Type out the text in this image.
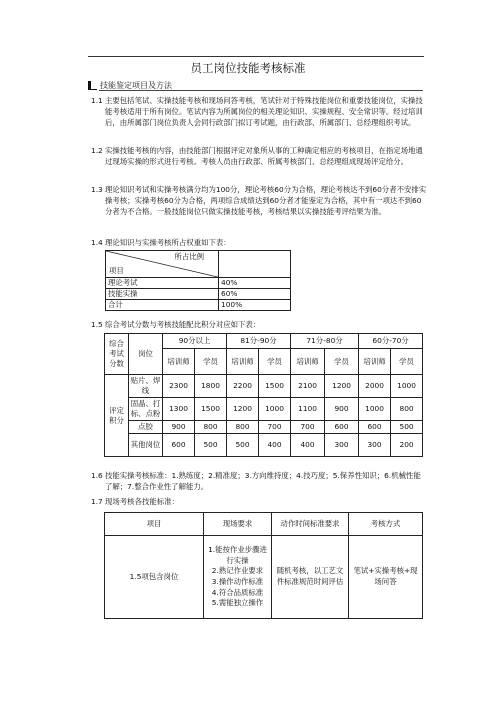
员工岗位技能考核标准
技能鉴定项目及方法
1.1 主要包括笔试、实操技能考核和现场问答考核，笔试针对于特殊技能岗位和重要技能岗位，实操技能考核适用于所有岗位。笔试内容为所属岗位的相关理论知识、实操规程、安全常识等。经过培训后，由所属部门岗位负责人会同行政部门拟订考试题，由行政部、所属部门、总经理组织考试。
1.2 实操技能考核的内容，由技能部门根据评定对象所从事的工种确定相应的考核项目，在指定场地通过现场实操的形式进行考核。考核人员由行政部、所属考核部门、总经理组成现场评定给分。
1.3 理论知识考试和实操考核满分均为100分，理论考核60分为合格，理论考核达不到60分者不安排实操考核；实操考核60分为合格，两项综合成绩达到60分者才能鉴定为合格，其中有一项达不到60分者为不合格。一般技能岗位只做实操技能考核，考核结果以实操技能考评结果为准。
1.4 理论知识与实操考核所占权重如下表：
所占比例
项目	

理论考试	40%
技能实操	60%
合计	100%
1.5 综合考试分数与考核技能配比积分对应如下表：
综合考试分数	岗位	90分以上		81分-90分		71分-80分		60分-70分	
		培训师	学员	培训师	学员	培训师	学员	培训师	学员
评定积分	贴片、焊线	2300	1800	2200	1500	2100	1200	2000	1000
	固晶、打标、点粉	1300	1500	1200	1000	1100	900	1000	800
	点胶	900	800	800	700	700	600	600	500
	其他岗位	600	500	500	400	400	300	300	200
1.6 技能实操考核标准：1.熟练度；2.精准度；3.方向维持度；4.技巧度；5.保养性知识；6.机械性能了解；7.整合作业性了解能力。
1.7 现场考核各技能标准：
项目	现场要求	动作时间标准要求	考核方式
1.5项包含岗位	1.能按作业步骤进行实操
2.熟记作业要求
3.操作动作标准
4.符合品质标准
5.需能独立操作	随机考核，以工艺文件标准规范时间评估	笔试+实操考核+现场问答
